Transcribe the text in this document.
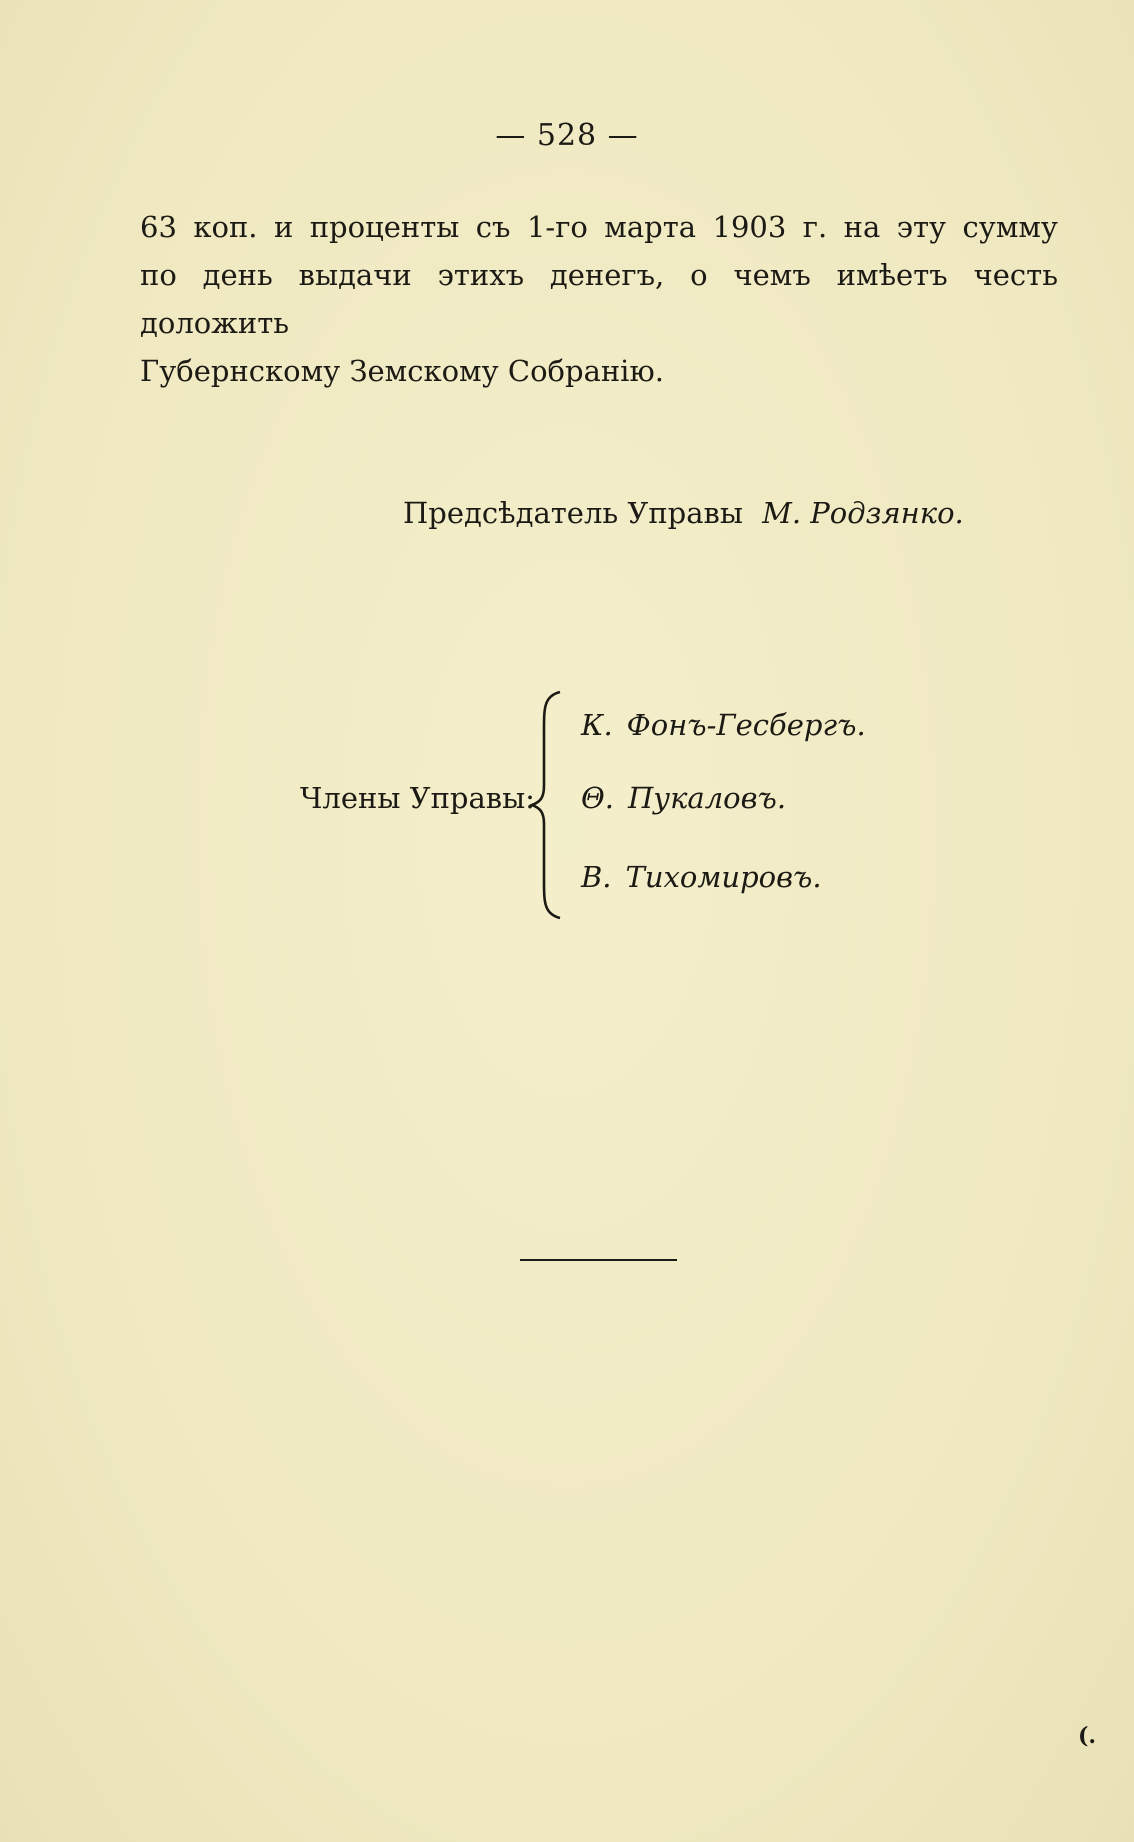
— 528 —
63 коп. и проценты съ 1-го марта 1903 г. на эту сумму
по день выдачи этихъ денегъ, о чемъ имѣетъ честь доложить
Губернскому Земскому Собранію.
Предсѣдатель Управы М. Родзянко.
Члены Управы:
К. Фонъ-Гесбергъ.
Θ. Пукаловъ.
В. Тихомировъ.
(.
